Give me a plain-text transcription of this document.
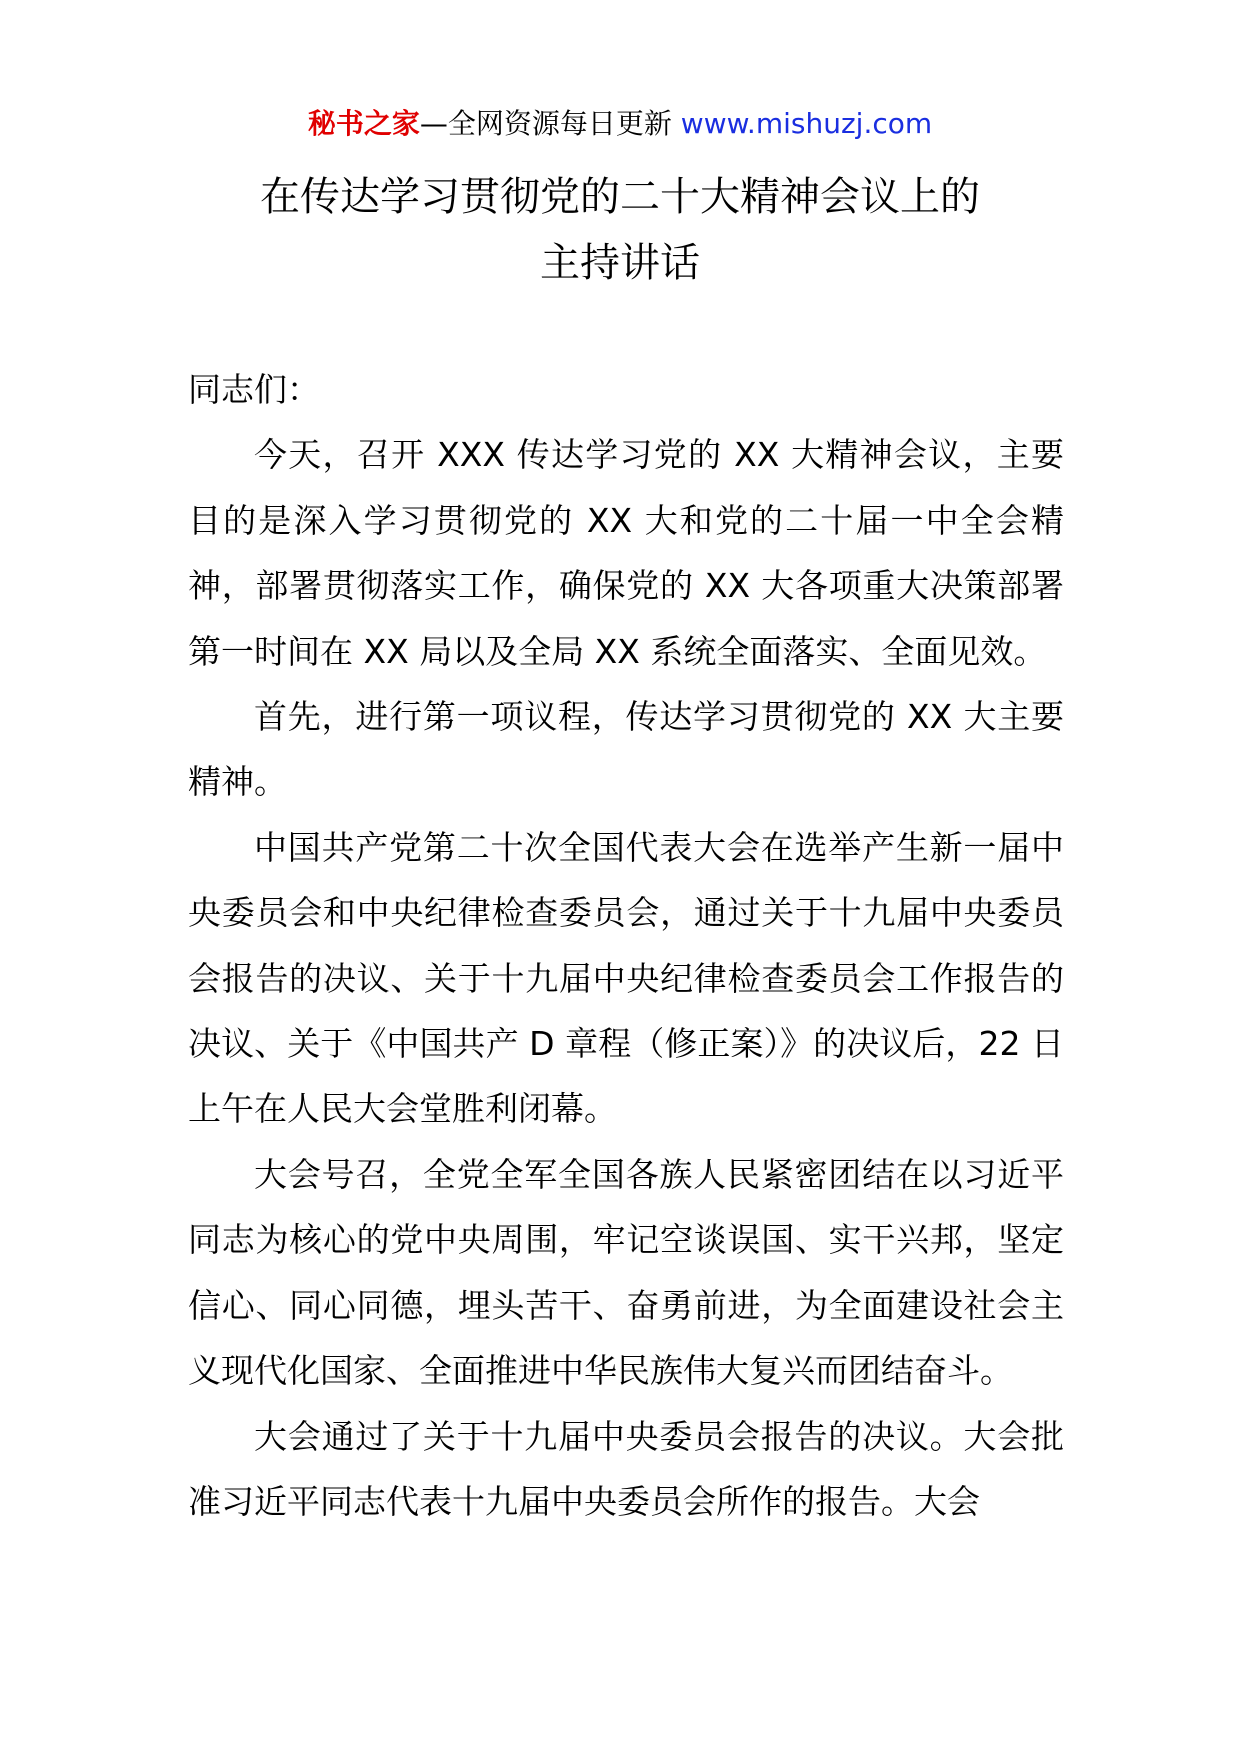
秘书之家—全网资源每日更新 www.mishuzj.com
在传达学习贯彻党的二十大精神会议上的
主持讲话

同志们：

今天，召开 XXX 传达学习党的 XX 大精神会议，主要目的是深入学习贯彻党的 XX 大和党的二十届一中全会精神，部署贯彻落实工作，确保党的 XX 大各项重大决策部署第一时间在 XX 局以及全局 XX 系统全面落实、全面见效。

首先，进行第一项议程，传达学习贯彻党的 XX 大主要精神。

中国共产党第二十次全国代表大会在选举产生新一届中央委员会和中央纪律检查委员会，通过关于十九届中央委员会报告的决议、关于十九届中央纪律检查委员会工作报告的决议、关于《中国共产 D 章程（修正案）》的决议后，22 日上午在人民大会堂胜利闭幕。

大会号召，全党全军全国各族人民紧密团结在以习近平同志为核心的党中央周围，牢记空谈误国、实干兴邦，坚定信心、同心同德，埋头苦干、奋勇前进，为全面建设社会主义现代化国家、全面推进中华民族伟大复兴而团结奋斗。

大会通过了关于十九届中央委员会报告的决议。大会批准习近平同志代表十九届中央委员会所作的报告。大会
